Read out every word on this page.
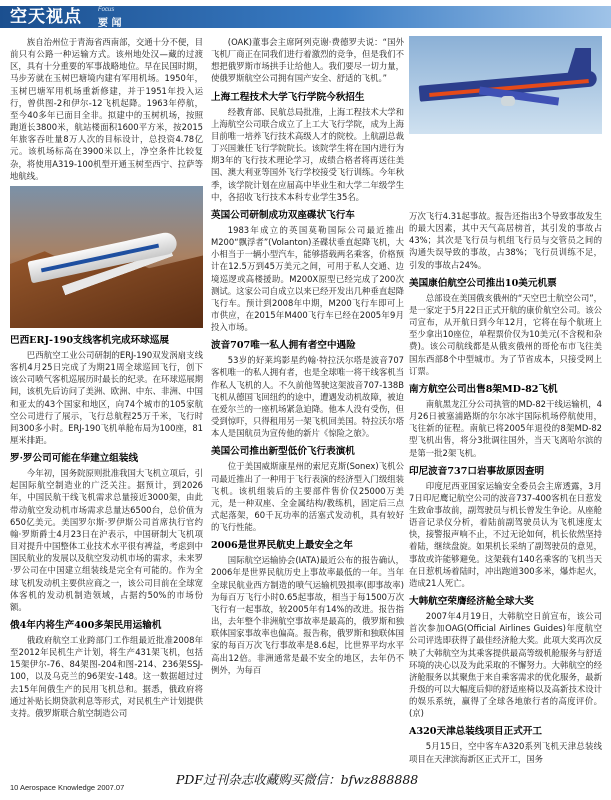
空天视点	Focus
要 闻

族自治州位于青海省西南部，交通十分不便，目前只有公路一种运输方式。该州地处汉—藏的过渡区，具有十分重要的军事战略地位。早在民国时期，马步芳就在玉树巴塘境内建有军用机场。1950年，玉树巴塘军用机场重新修建，并于1951年投入运行，曾供图-2和伊尔-12飞机起降。1963年停航，至今40多年已面目全非。拟建中的玉树机场，按照跑道长3800米，航站楼面积1600平方米，按2015年旅客吞吐量8万人次的目标设计，总投资4.78亿元。该机场标高在3900米以上，净空条件比较复杂，将使用A319-100机型开通玉树至西宁、拉萨等地航线。

巴西ERJ-190支线客机完成环球巡展

巴西航空工业公司研制的ERJ-190双发涡扇支线客机4月25日完成了为期21周全球巡回飞行，创下该公司喷气客机巡展历时最长的纪录。在环球巡展期间，该机先后访问了美洲、欧洲、中东、非洲、中国和亚太的43个国家和地区，向74个城市的105家航空公司进行了展示，飞行总航程25万千米，飞行时间300多小时。ERJ-190飞机单舱布局为100座，81厘米排距。

罗·罗公司可能在华建立组装线

今年初，国务院原则批准我国大飞机立项后，引起国际航空制造业的广泛关注。据预计，到2026年，中国民航干线飞机需求总量接近3000架，由此带动航空发动机市场需求总量达6500台，总价值为650亿美元。美国罗尔斯·罗伊斯公司首席执行官约翰·罗斯爵士4月23日在沪表示，中国研制大飞机项目对提升中国整体工业技术水平很有裨益，考虑到中国民航业的发展以及航空发动机市场的需求，未来罗·罗公司在中国建立组装线是完全有可能的。作为全球飞机发动机主要供应商之一，该公司目前在全球宽体客机的发动机制造领域，占据约50%的市场份额。

俄4年内将生产400多架民用运输机

俄政府航空工业跨部门工作组最近批准2008年至2012年民机生产计划，将生产431架飞机，包括15架伊尔-76、84架图-204和图-214、236架SSJ-100，以及乌克兰的96架安-148。这一数据超过过去15年间俄生产的民用飞机总和。据悉，俄政府将通过补贴长期贷款利息等形式，对民机生产计划提供支持。俄罗斯联合航空制造公司

(OAK)董事会主席阿列克谢·费德罗夫说：“国外飞机厂商正在同我们进行着激烈的竞争，但是我们不想把俄罗斯市场拱手让给他人。我们要尽一切力量，使俄罗斯航空公司拥有国产安全、舒适的飞机。”

上海工程技术大学飞行学院今秋招生

经教育部、民航总局批准，上海工程技术大学和上海航空公司联合成立了上工大飞行学院，成为上海目前唯一培养飞行技术高级人才的院校。上航副总裁丁兴国兼任飞行学院院长。该院学生将在国内进行为期3年的飞行技术理论学习，成绩合格者将再送往美国、澳大利亚等国外飞行学校接受飞行训练。今年秋季，该学院计划在应届高中毕业生和大学二年级学生中，各招收飞行技术本科专业学生35名。

英国公司研制成功双座碟状飞行车

1983年成立的英国莫勒国际公司最近推出M200“飘浮者”(Volanton)圣碟状垂直起降飞机，大小相当于一辆小型汽车，能够搭载两名乘客，价格预计在12.5万到45万美元之间，可用于私人交通、边境巡逻或高楼援助。M200X原型已经完成了200次测试。这家公司自成立以来已经开发出几种垂直起降飞行车。预计到2008年中期，M200飞行车即可上市供应，在2015年M400飞行车已经在2005年9月投入市场。

波音707唯一私人拥有者空中遇险

53岁的好莱坞影星约翰·特拉沃尔塔是波音707客机唯一的私人拥有者，也是全球唯一将干线客机当作私人飞机的人。不久前他驾驶这架波音707-138B飞机从德国飞回纽约的途中，遭遇发动机故障，被迫在爱尔兰的一座机场紧急迫降。他本人没有受伤，但受到惊吓，只得租用另一架飞机回美国。特拉沃尔塔本人是国航员为宣传他的新片《惊险之旅》。

美国公司推出新型低价飞行表演机

位于美国威斯康星州的索尼克斯(Sonex)飞机公司最近推出了一种用于飞行表演的经济型入门级组装飞机。该机组装后的主要部件售价仅25000万美元，是一种双座、全金属结构/教练机，固定后三点式起落架，60千瓦功率的活塞式发动机，具有较好的飞行性能。

2006是世界民航史上最安全之年

国际航空运输协会(IATA)最近公布的报告确认，2006年是世界民航历史上事故率最低的一年。当年全球民航业西方制造的喷气运输机毁损率(即事故率)为每百万飞行小时0.65起事故，相当于每1500万次飞行有一起事故，较2005年有14%的改进。报告指出，去年整个非洲航空事故率是最高的，俄罗斯和独联体国家事故率也偏高。报告称，俄罗斯和独联体国家的每百万次飞行事故率是8.6起，比世界平均水平高出12倍。非洲通常是最不安全的地区，去年仍不例外，为每百

万次飞行4.31起事故。报告还指出3个导致事故发生的最大因素，其中天气高居榜首，其引发的事故占43%；其次是飞行员与机组飞行员与交管员之间的沟通失误导致的事故，占38%；飞行员训练不足，引发的事故占24%。

美国康伯航空公司推出10美元机票

总部设在美国俄亥俄州的“天空巴士航空公司”，是一家定于5月22日正式开航的康价航空公司。该公司宣布，从开航日到今年12月，它将在每个航班上至少拿出10座位，单程票价仅为10美元(不含税和杂费)。该公司航线都是从俄亥俄州的哥伦布市飞往美国东西部8个中型城市。为了节省成本，只接受网上订票。

南方航空公司出售8架MD-82飞机

南航黑龙江分公司执管的MD-82干线运输机，4月26日被塞浦路斯的尔尔冰宇国际机场停航使用，飞往新的征程。南航已将2005年退役的8架MD-82型飞机出售，将分3批调往国外，当天飞离哈尔滨的是第一批2架飞机。

印尼波音737口岩事故原因查明

印度尼西亚国家运输安全委员会主席透露，3月7日印尼鹰记航空公司的波音737-400客机在日惹发生致命事故前，副驾驶员与机长曾发生争论。从座舱语音记录仪分析，着陆前副驾驶员认为飞机速度太快，接警报声响不止，不过无论如何，机长依然坚持着陆，继续盘旋。如果机长采纳了副驾驶员的意见，事故或许能够避免。这架载有140名乘客的飞机当天在日惹机场着陆时，冲出跑道300多米，爆炸起火，造成21人死亡。

大韩航空荣膺经济舱全球大奖

2007年4月19日，大韩航空日前宣布，该公司首次参加OAG(Official Airlines Guides)年度航空公司评选即获得了最佳经济舱大奖。此项大奖再次反映了大韩航空为其乘客提供最高等级机舱服务与舒适环境的决心以及为此采取的不懈努力。大韩航空的经济舱服务以其聚焦于来自乘客需求的优化服务，最新升级的可以大幅度后仰的舒适座椅以及高新技术设计的娱乐系统，赢得了全球各地旅行者的高度评价。(京)

A320天津总装线项目正式开工

5月15日，空中客车A320系列飞机天津总装线项目在天津滨海新区正式开工，国务

PDF过刊杂志收藏购买微信：bfwz888888
10 Aerospace Knowledge 2007.07
